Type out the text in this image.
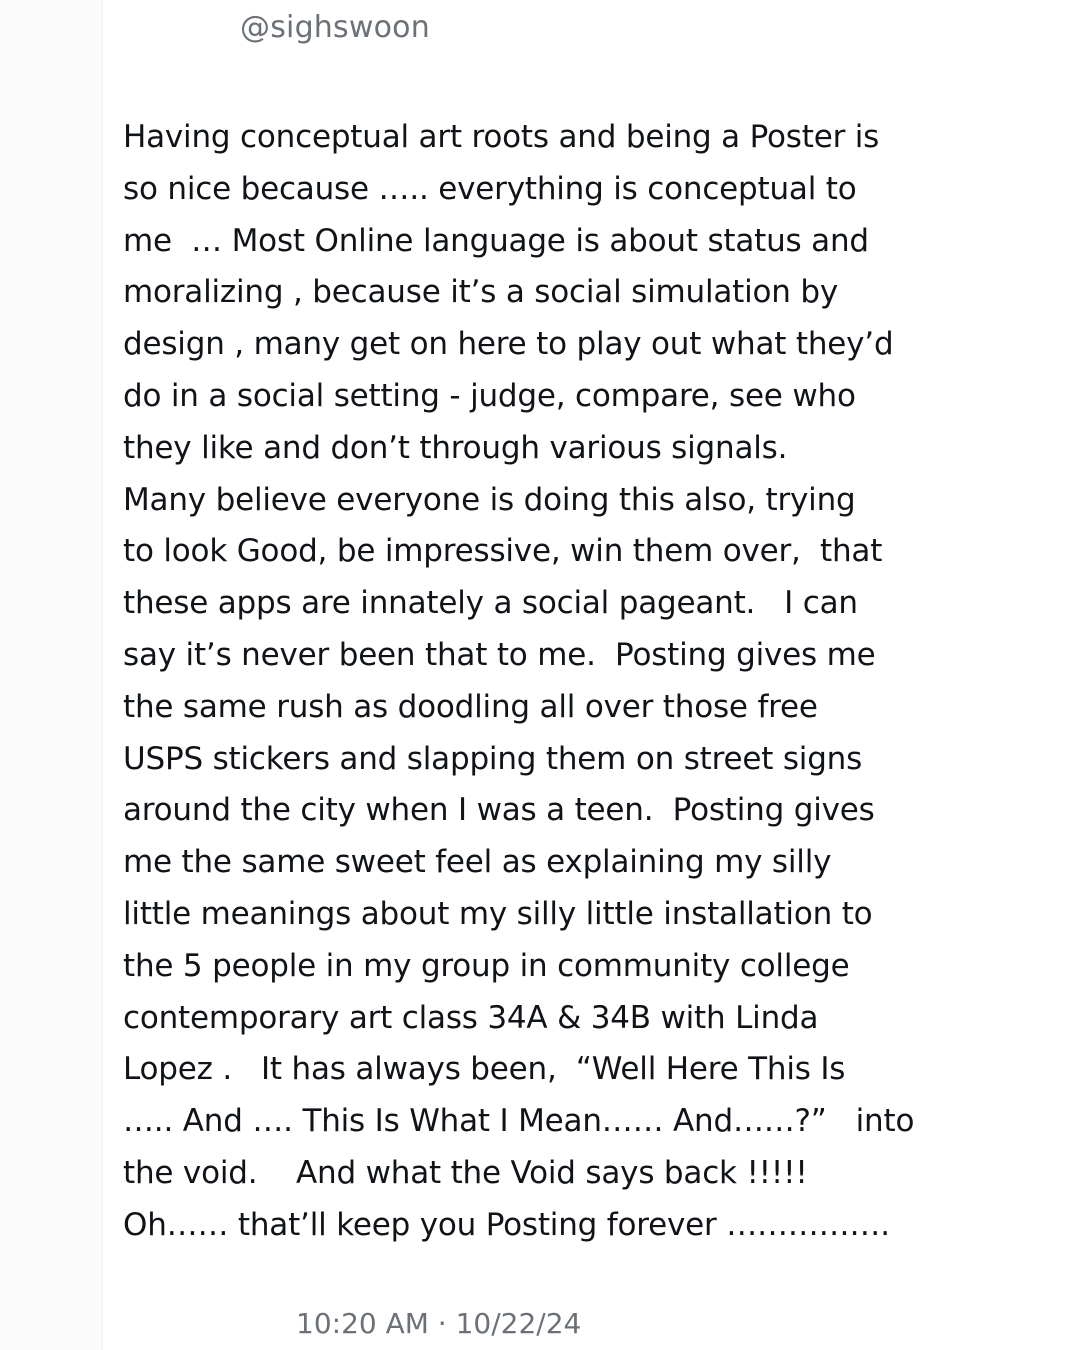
@sighswoon
Having conceptual art roots and being a Poster is
so nice because ….. everything is conceptual to
me  … Most Online language is about status and
moralizing , because it’s a social simulation by
design , many get on here to play out what they’d
do in a social setting - judge, compare, see who
they like and don’t through various signals.
Many believe everyone is doing this also, trying
to look Good, be impressive, win them over,  that
these apps are innately a social pageant.   I can
say it’s never been that to me.  Posting gives me
the same rush as doodling all over those free
USPS stickers and slapping them on street signs
around the city when I was a teen.  Posting gives
me the same sweet feel as explaining my silly
little meanings about my silly little installation to
the 5 people in my group in community college
contemporary art class 34A & 34B with Linda
Lopez .   It has always been,  “Well Here This Is
….. And …. This Is What I Mean…… And……?”   into
the void.    And what the Void says back !!!!!
Oh…… that’ll keep you Posting forever …………….
10:20 AM · 10/22/24
